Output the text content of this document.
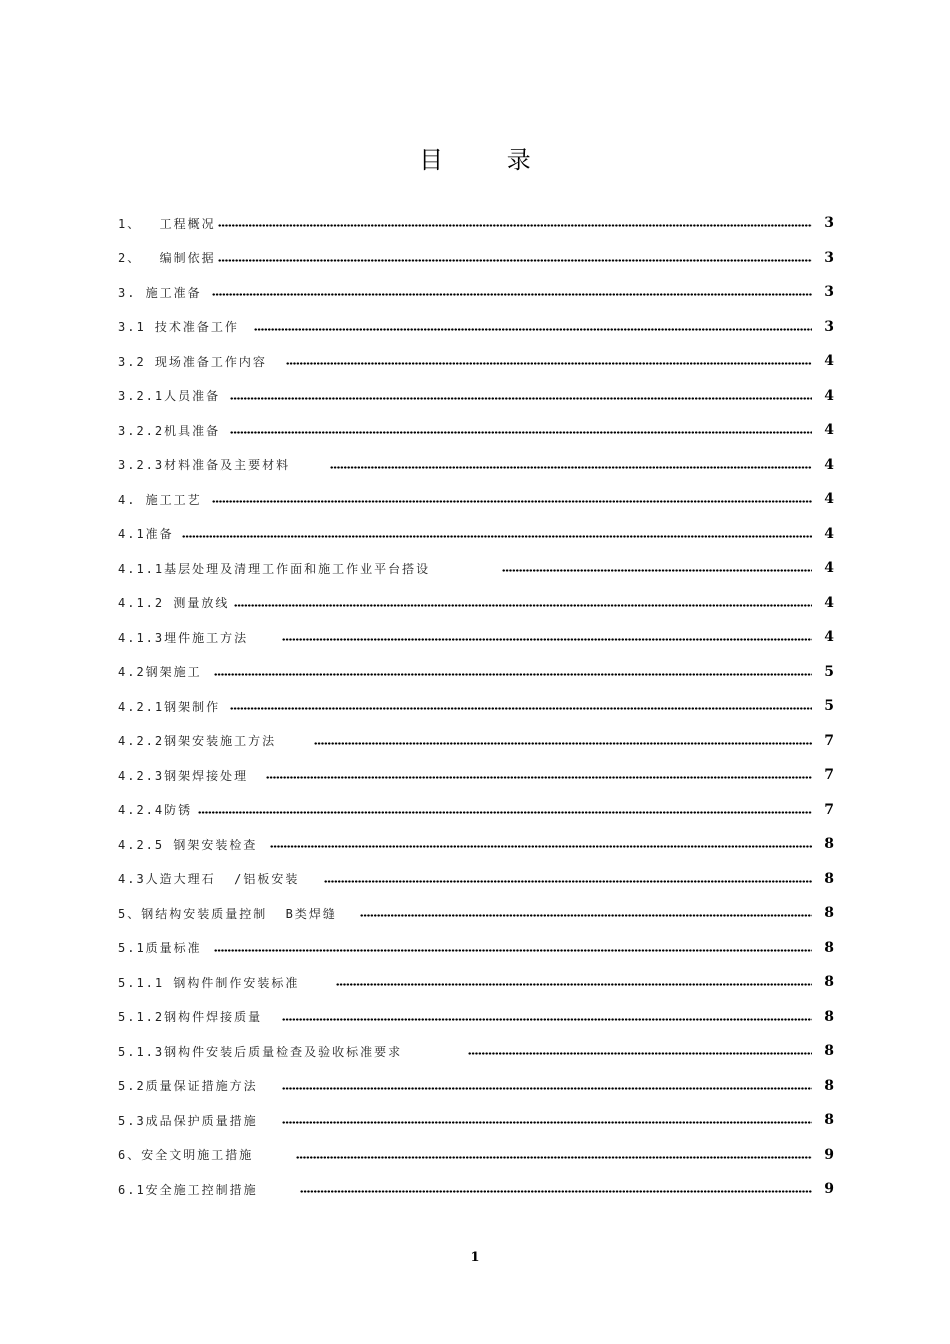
目 录
1、  工程概况	3
2、  编制依据	3
3. 施工准备	3
3.1 技术准备工作	3
3.2 现场准备工作内容	4
3.2.1人员准备	4
3.2.2机具准备	4
3.2.3材料准备及主要材料	4
4. 施工工艺	4
4.1准备	4
4.1.1基层处理及清理工作面和施工作业平台搭设	4
4.1.2 测量放线	4
4.1.3埋件施工方法	4
4.2钢架施工	5
4.2.1钢架制作	5
4.2.2钢架安装施工方法	7
4.2.3钢架焊接处理	7
4.2.4防锈	7
4.2.5 钢架安装检查	8
4.3人造大理石  /铝板安装	8
5、钢结构安装质量控制  B类焊缝	8
5.1质量标准	8
5.1.1 钢构件制作安装标准	8
5.1.2钢构件焊接质量	8
5.1.3钢构件安装后质量检查及验收标准要求	8
5.2质量保证措施方法	8
5.3成品保护质量措施	8
6、安全文明施工措施	9
6.1安全施工控制措施	9
1
